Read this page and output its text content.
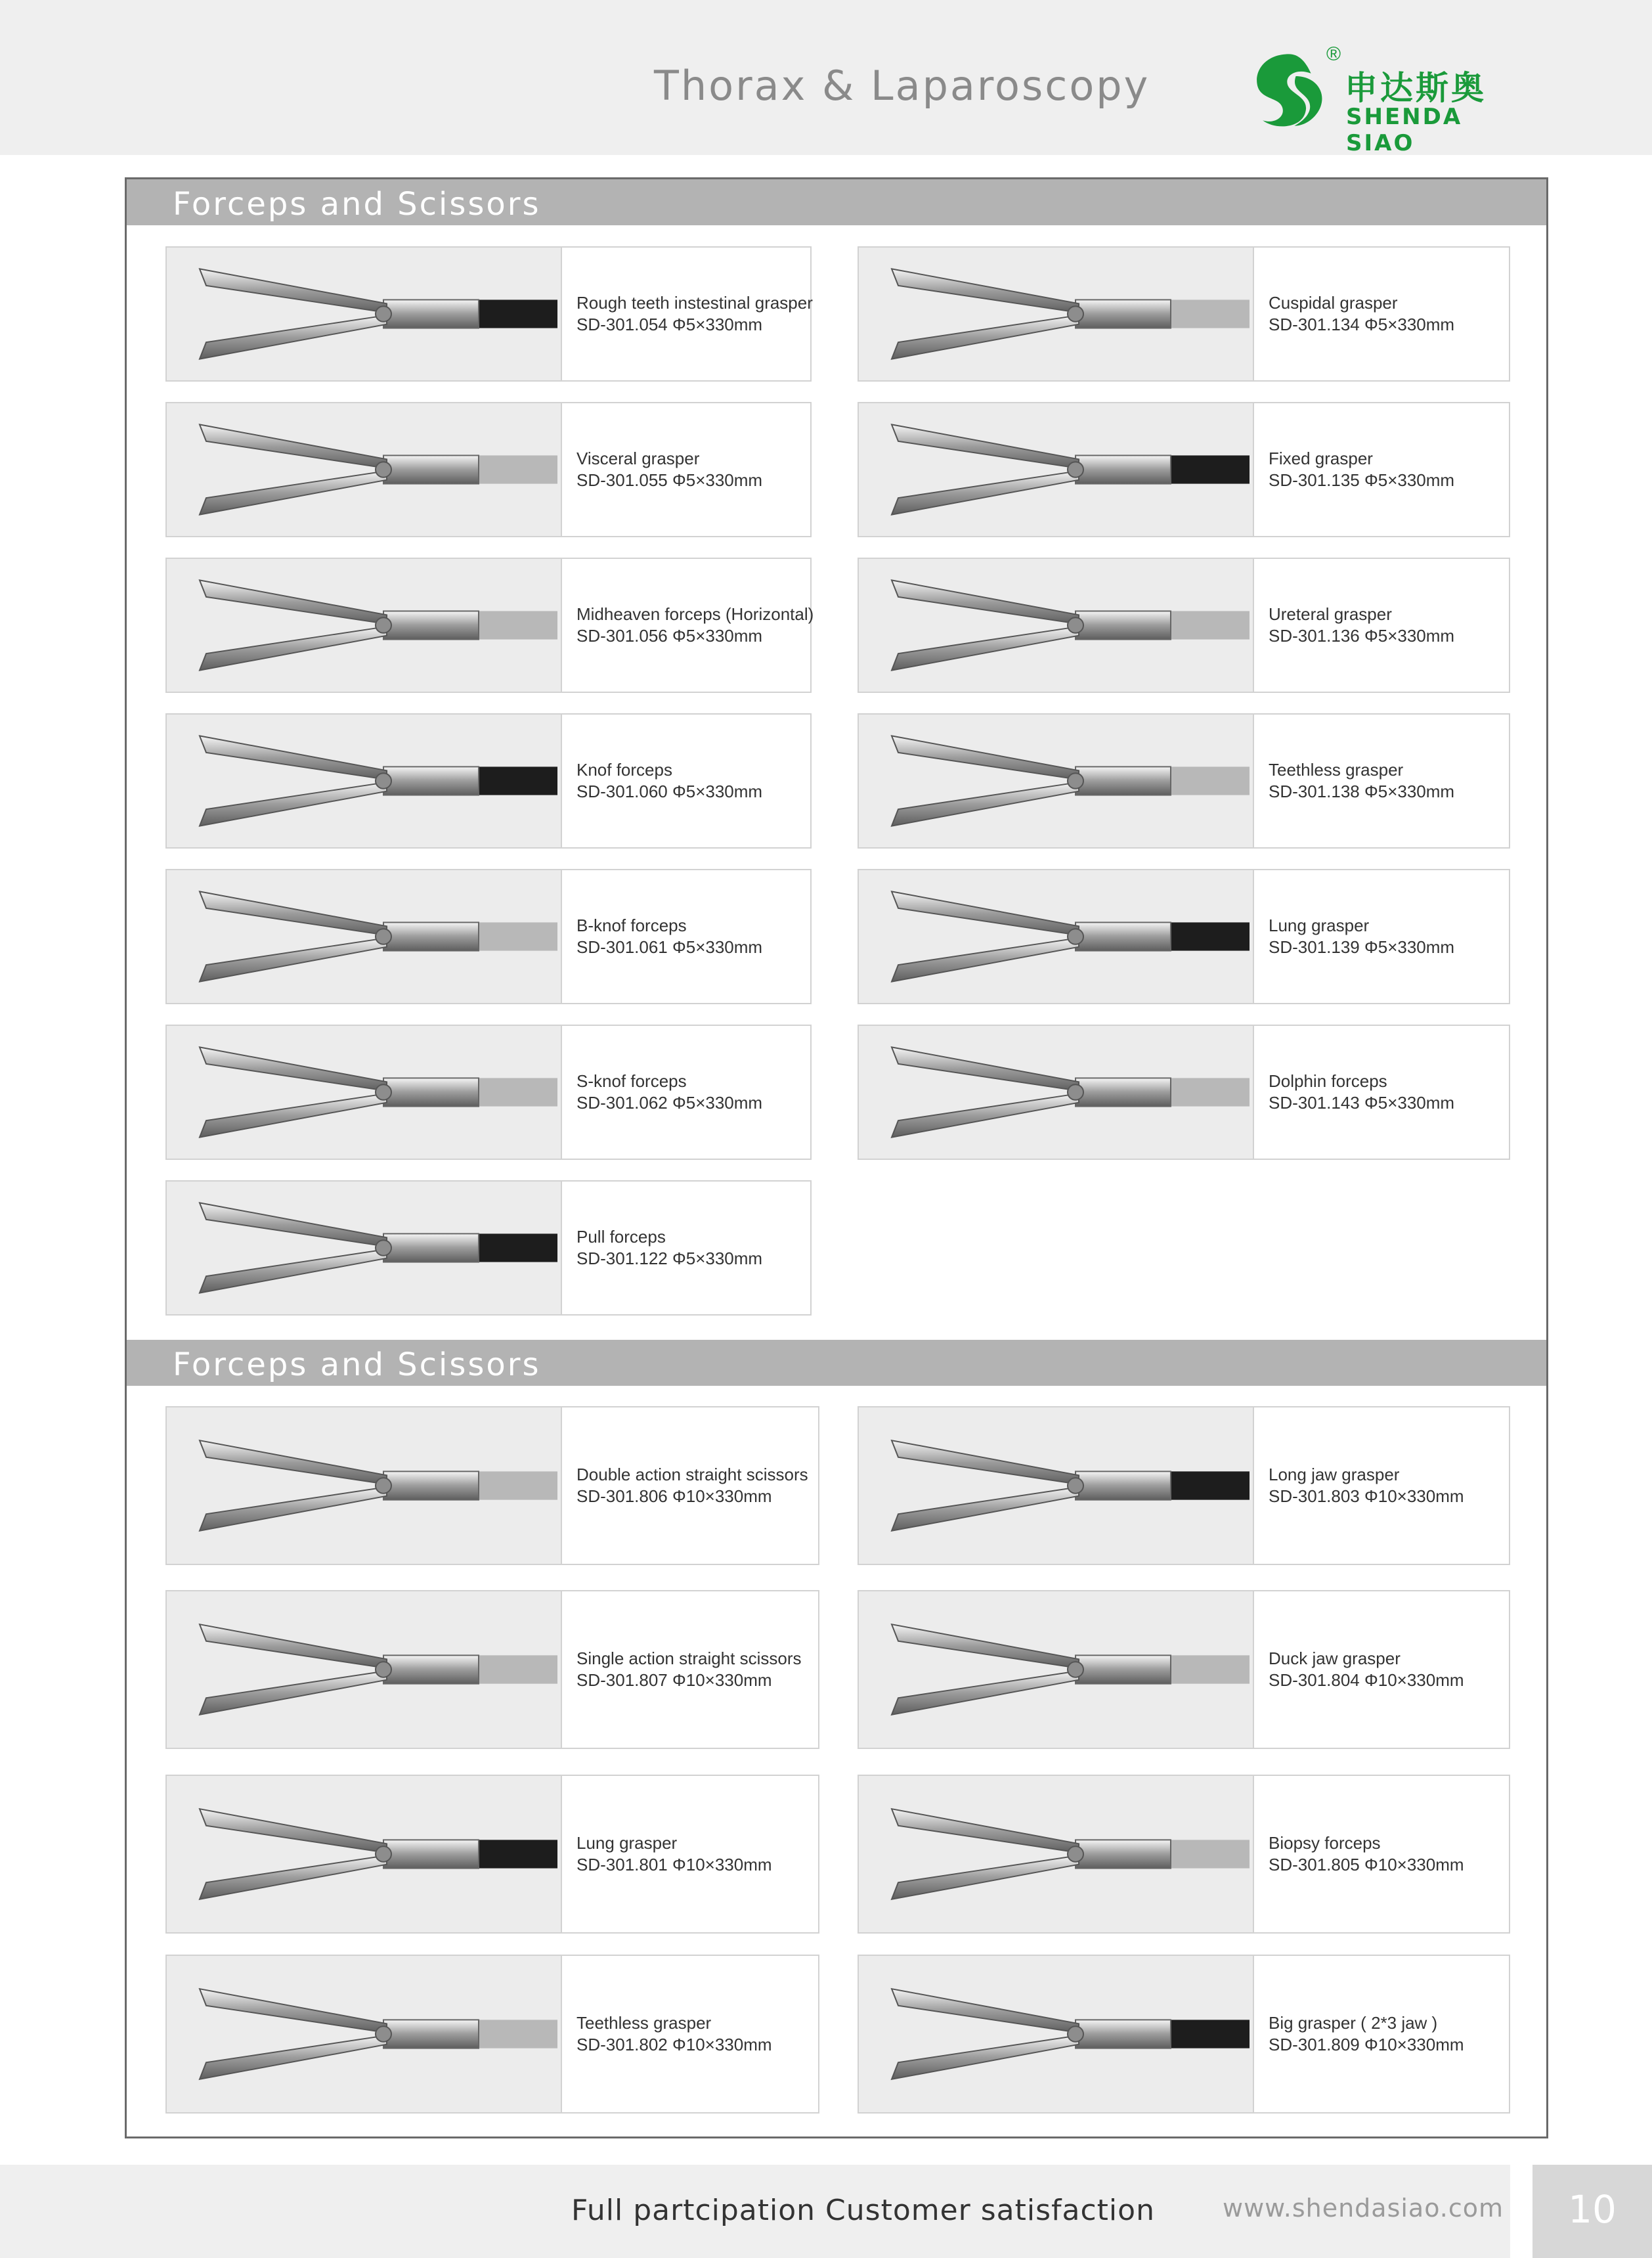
Thorax & Laparoscopy
®
申达斯奥
SHENDA SIAO
Forceps and Scissors
Forceps and Scissors
Rough teeth instestinal grasper
SD-301.054 Φ5×330mm
Cuspidal grasper
SD-301.134 Φ5×330mm
Visceral grasper
SD-301.055 Φ5×330mm
Fixed grasper
SD-301.135 Φ5×330mm
Midheaven forceps (Horizontal)
SD-301.056 Φ5×330mm
Ureteral grasper
SD-301.136 Φ5×330mm
Knof forceps
SD-301.060 Φ5×330mm
Teethless grasper
SD-301.138 Φ5×330mm
B-knof forceps
SD-301.061 Φ5×330mm
Lung grasper
SD-301.139 Φ5×330mm
S-knof forceps
SD-301.062 Φ5×330mm
Dolphin forceps
SD-301.143 Φ5×330mm
Pull forceps
SD-301.122 Φ5×330mm
Double action straight scissors
SD-301.806 Φ10×330mm
Long jaw grasper
SD-301.803 Φ10×330mm
Single action straight scissors
SD-301.807 Φ10×330mm
Duck jaw grasper
SD-301.804 Φ10×330mm
Lung grasper
SD-301.801 Φ10×330mm
Biopsy forceps
SD-301.805 Φ10×330mm
Teethless grasper
SD-301.802 Φ10×330mm
Big grasper ( 2*3 jaw )
SD-301.809 Φ10×330mm
Full partcipation Customer satisfaction	www.shendasiao.com	10
